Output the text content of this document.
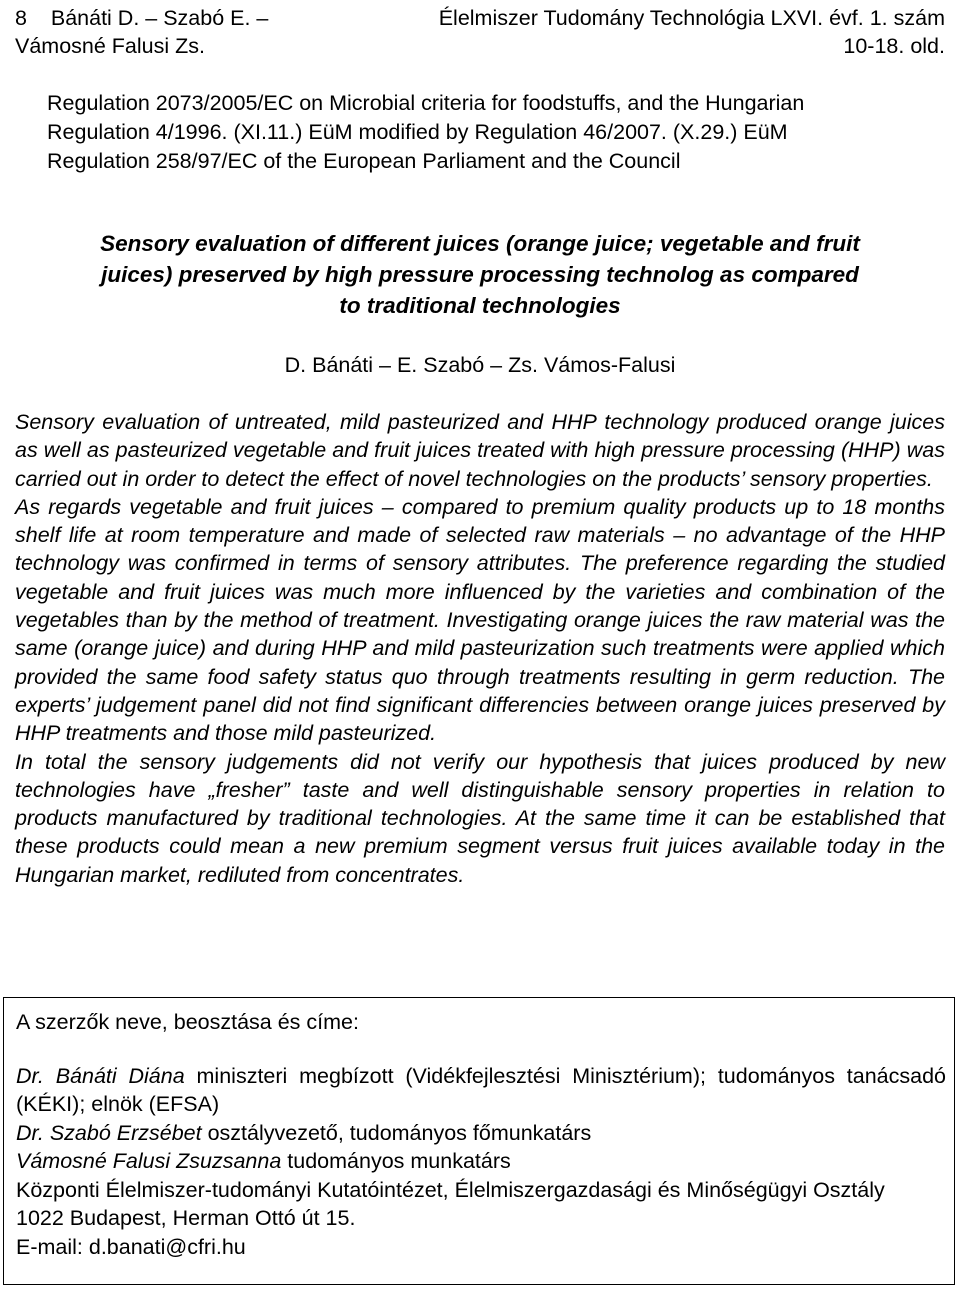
8 Bánáti D. – Szabó E. –
Vámosné Falusi Zs.
Élelmiszer Tudomány Technológia LXVI. évf. 1. szám
10-18. old.
Regulation 2073/2005/EC on Microbial criteria for foodstuffs, and the Hungarian
Regulation 4/1996. (XI.11.) EüM modified by Regulation 46/2007. (X.29.) EüM
Regulation 258/97/EC of the European Parliament and the Council
Sensory evaluation of different juices (orange juice; vegetable and fruit
juices) preserved by high pressure processing technolog as compared
to traditional technologies
D. Bánáti – E. Szabó – Zs. Vámos-Falusi

Sensory evaluation of untreated, mild pasteurized and HHP technology produced orange juices as well as pasteurized vegetable and fruit juices treated with high pressure processing (HHP) was carried out in order to detect the effect of novel technologies on the products’ sensory properties.

As regards vegetable and fruit juices – compared to premium quality products up to 18 months shelf life at room temperature and made of selected raw materials – no advantage of the HHP technology was confirmed in terms of sensory attributes. The preference regarding the studied vegetable and fruit juices was much more influenced by the varieties and combination of the vegetables than by the method of treatment. Investigating orange juices the raw material was the same (orange juice) and during HHP and mild pasteurization such treatments were applied which provided the same food safety status quo through treatments resulting in germ reduction. The experts’ judgement panel did not find significant differencies between orange juices preserved by HHP treatments and those mild pasteurized.

In total the sensory judgements did not verify our hypothesis that juices produced by new technologies have „fresher” taste and well distinguishable sensory properties in relation to products manufactured by traditional technologies. At the same time it can be established that these products could mean a new premium segment versus fruit juices available today in the Hungarian market, rediluted from concentrates.

A szerzők neve, beosztása és címe:

Dr. Bánáti Diána miniszteri megbízott (Vidékfejlesztési Minisztérium); tudományos tanácsadó (KÉKI); elnök (EFSA)

Dr. Szabó Erzsébet osztályvezető, tudományos főmunkatárs

Vámosné Falusi Zsuzsanna tudományos munkatárs

Központi Élelmiszer-tudományi Kutatóintézet, Élelmiszergazdasági és Minőségügyi Osztály

1022 Budapest, Herman Ottó út 15.

E-mail: d.banati@cfri.hu
